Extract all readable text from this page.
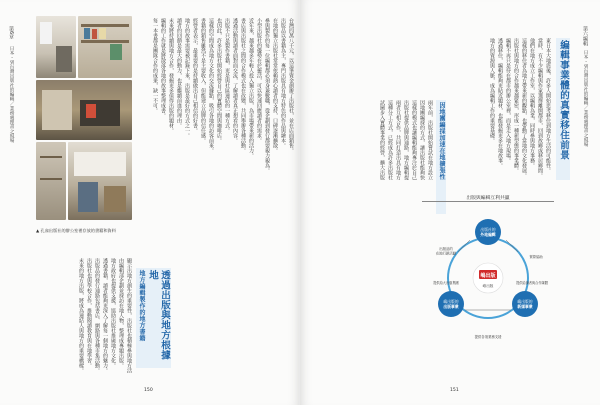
第6章
日本・到台灣出版社的編輯／業務處理書之現場
▲ 孔雀出版社的辦公室裡存放的書籍和資料
台灣四萬八千元，以這筆資金創辦了出版社，並在店面銷售。
出版品以書籍為主，專門出版具有地方特色的作品與繪本。
在地的獨立出版社常常依賴熱心讀者的支持，口碑逐漸擴散。
參與製作的每一位編輯都必須身兼數職，從企劃到發行都要親力親為。
小型出版社的優勢在於靈活，可以快速回應讀者的需求。
近年來，越來越多年輕人投入獨立出版，為市場帶來新的活力。
書店與出版社之間的合作模式也在改變，共同舉辦各種活動。
透過活動與讀者面對面交流，了解讀者真正想看的內容。
出版不只是製作書籍，更是與社區連結的一種方式。
也因此，許多出版社開始經營自己的實體空間與咖啡店。
這樣的空間成為地方文化的交流據點，吸引各地的訪客前來。
書籍的銷售雖然不是主要收入，但能建立品牌的信任感。
經營者表示，最重要的是持續做出自己相信的好書。
地方的故事需要被記錄下來，出版是最好的方式之一。
讀者的回饋是最大的動力，也是繼續前進的理由。
未來將持續與地方合作，發掘更多值得出版的題材。
編輯的工作就是將散落各地的故事整理成書。
每一本書都是團隊合作的成果，缺一不可。
透過出版與地方根據地
地方編輯製作的地方書籍
顯示出地方創生的重要性，出版社也積極參與地方活
由編輯部企劃並採訪在地人物，整理成專題出版。
地方政府也提供支援，協助出版社推廣地方文化。
透過書籍，讀者能夠更深入了解每一個地方的魅力。
出版品的發行通路包括書店、網路與各種市集活動。
出版社也與學校合作，推動閱讀教育與在地學習。
未來的地方出版，將成為連結人與地方的重要橋樑。
150
第六編輯
日本・到台灣出版社的編輯／業務處理書之現場
編輯事業體的真實移住前景
因地團編採加速在地擴張性	東日本大地震後，許多人開始思考移住到地方生活的可能性。
當時，有不少編輯與作家選擇離開都市，回到故鄉或移居鄉間。
他們在地方成立工作室，以編輯為業，同時參與地方事務。
這樣的移住者為地方帶來新的觀點，也帶動了當地的文化發展。
出版社與地方的合作越來越緊密，形成一種新型態的事業體。
編輯不再只是待在都市的辦公室裡，而是走入地方現場。
透過移住，編輯能夠更貼近題材，也能發掘更多在地故事。
地方的資源與人脈，成為編輯工作的重要基礎。
兩年前，出版社開始嘗試在地方設立
因地團編採的方式，讓出版社能夠快
這樣的模式也讓編輯能夠專注於自己
出版社提供品牌與通路，地方編輯提
兩者互相合作，共同打造出具有地方
這種分工方式，已經成為許多出版社
試圖步入實體事業的經營，擴大出版
151
出版與編輯互利共贏
嶋出版
嶋出版
出版社的
外地編輯
嶋出版的
出版事業
嶋出版的
新媒事業
出版品的在地行銷活動
實際協助
提供給大出版集團	提供給讀者與合作媒體
提供各項業務支援
